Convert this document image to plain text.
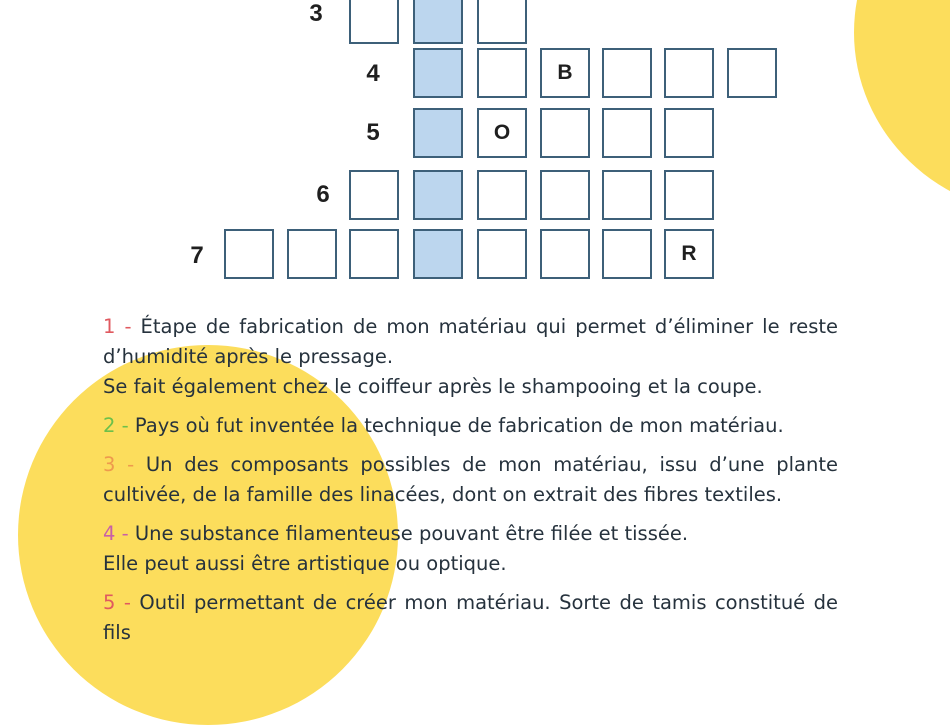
3
4	B
5	O
6
7	R
1 - Étape de fabrication de mon matériau qui permet d’éliminer le reste
d’humidité après le pressage.
Se fait également chez le coiffeur après le shampooing et la coupe.
2 - Pays où fut inventée la technique de fabrication de mon matériau.
3 - Un des composants possibles de mon matériau, issu d’une plante
cultivée, de la famille des linacées, dont on extrait des fibres textiles.
4 - Une substance filamenteuse pouvant être filée et tissée.
Elle peut aussi être artistique ou optique.
5 - Outil permettant de créer mon matériau. Sorte de tamis constitué de fils
